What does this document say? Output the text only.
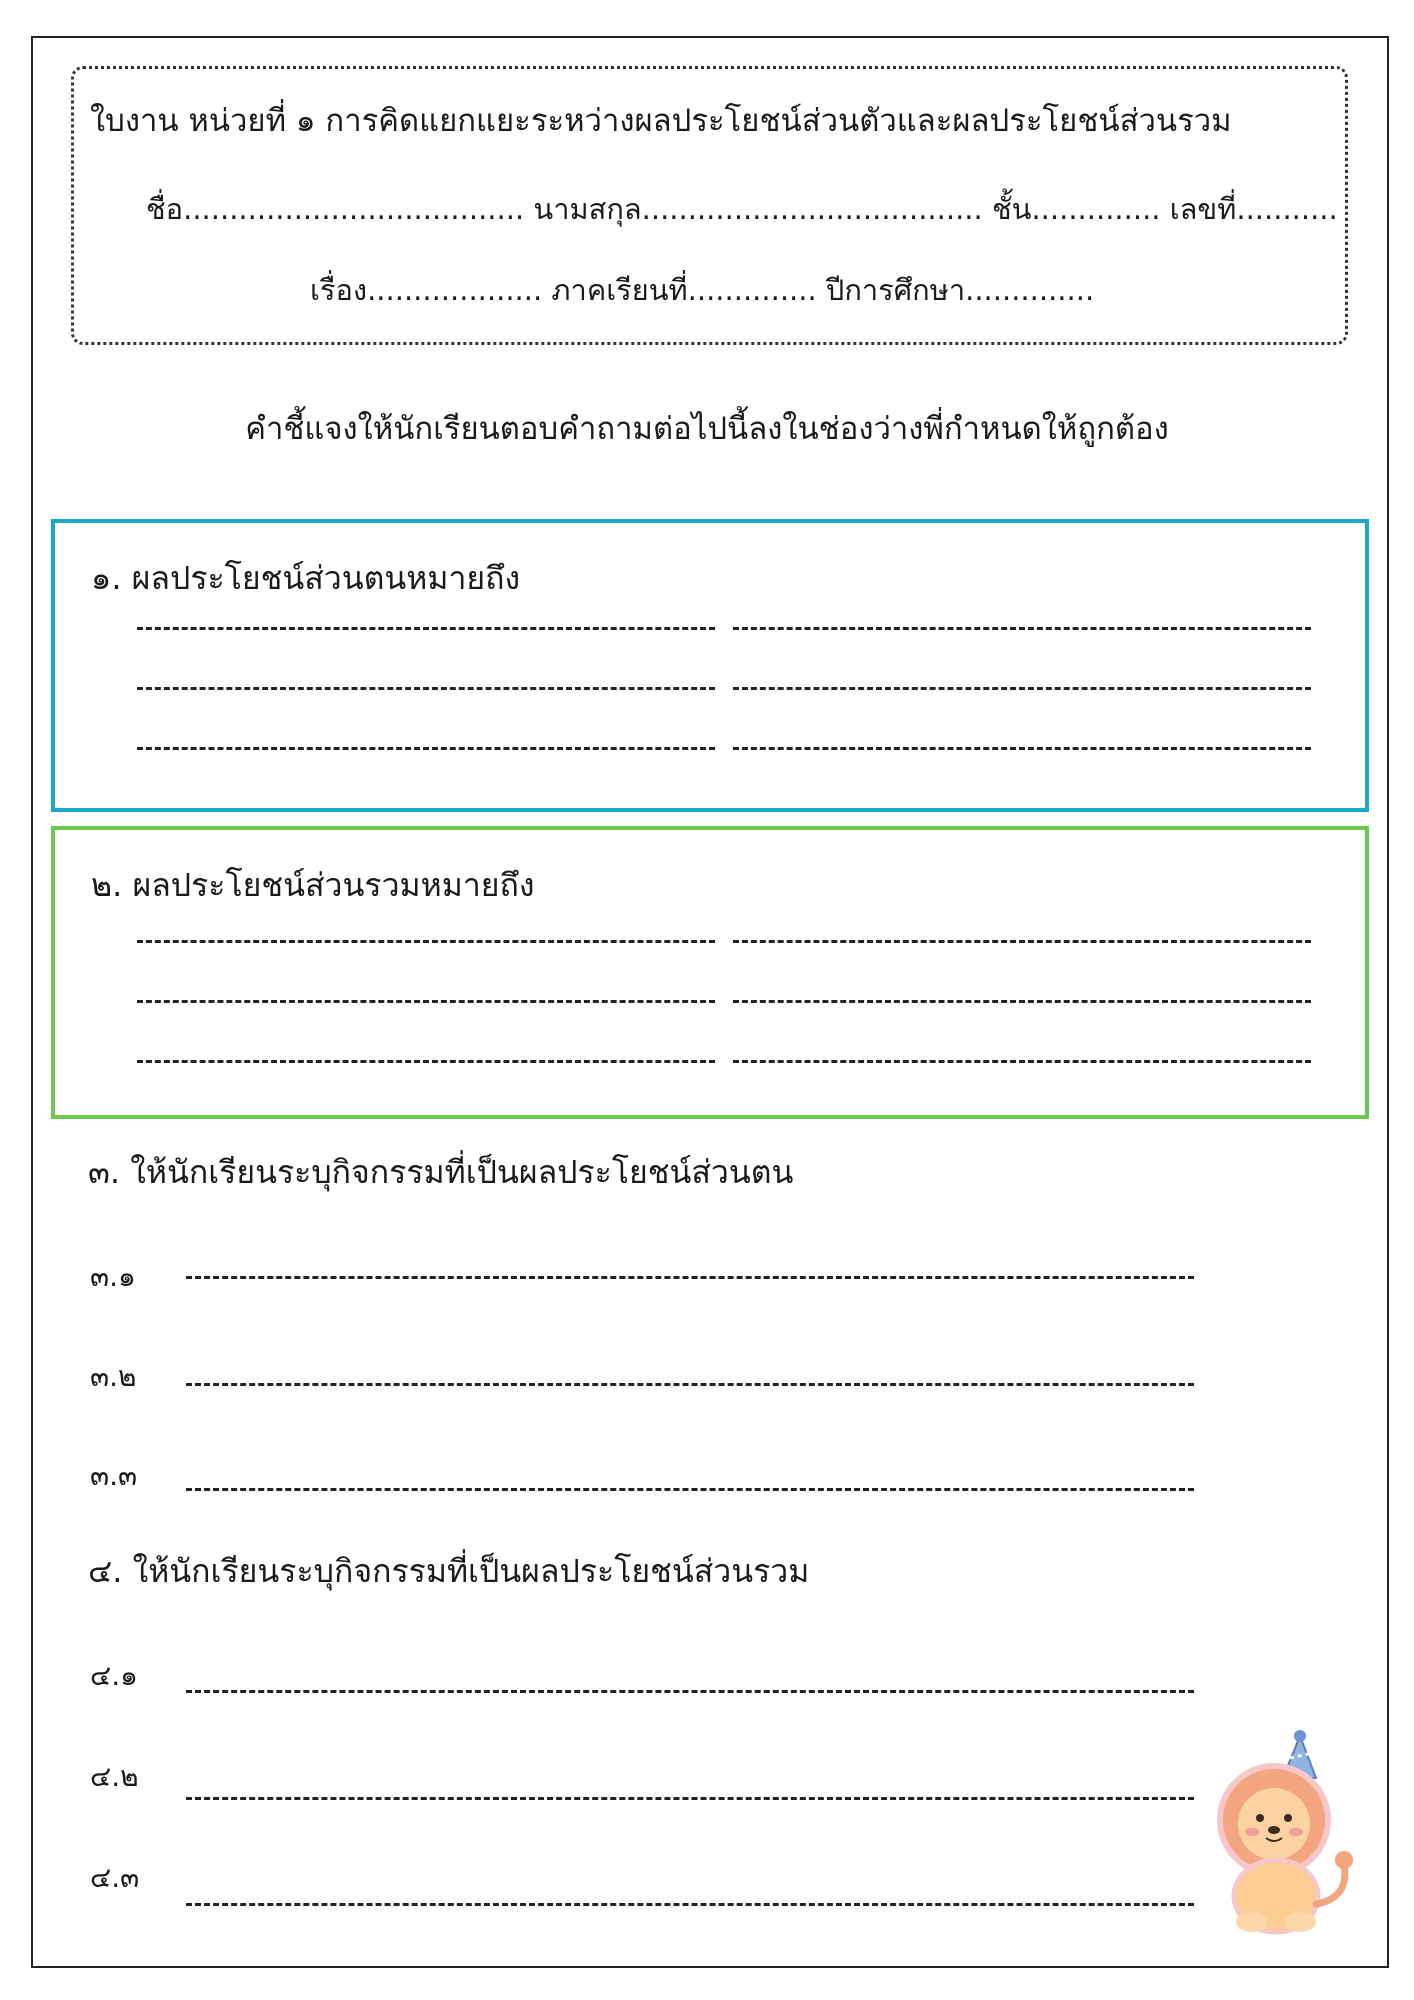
ใบงาน หน่วยที่ ๑ การคิดแยกแยะระหว่างผลประโยชน์ส่วนตัวและผลประโยชน์ส่วนรวม
ชื่อ..................................... นามสกุล..................................... ชั้น.............. เลขที่...........
เรื่อง................... ภาคเรียนที่.............. ปีการศึกษา..............
คำชี้แจงให้นักเรียนตอบคำถามต่อไปนี้ลงในช่องว่างพี่กำหนดให้ถูกต้อง
๑. ผลประโยชน์ส่วนตนหมายถึง
๒. ผลประโยชน์ส่วนรวมหมายถึง
๓. ให้นักเรียนระบุกิจกรรมที่เป็นผลประโยชน์ส่วนตน
๓.๑
๓.๒
๓.๓
๔. ให้นักเรียนระบุกิจกรรมที่เป็นผลประโยชน์ส่วนรวม
๔.๑
๔.๒
๔.๓
